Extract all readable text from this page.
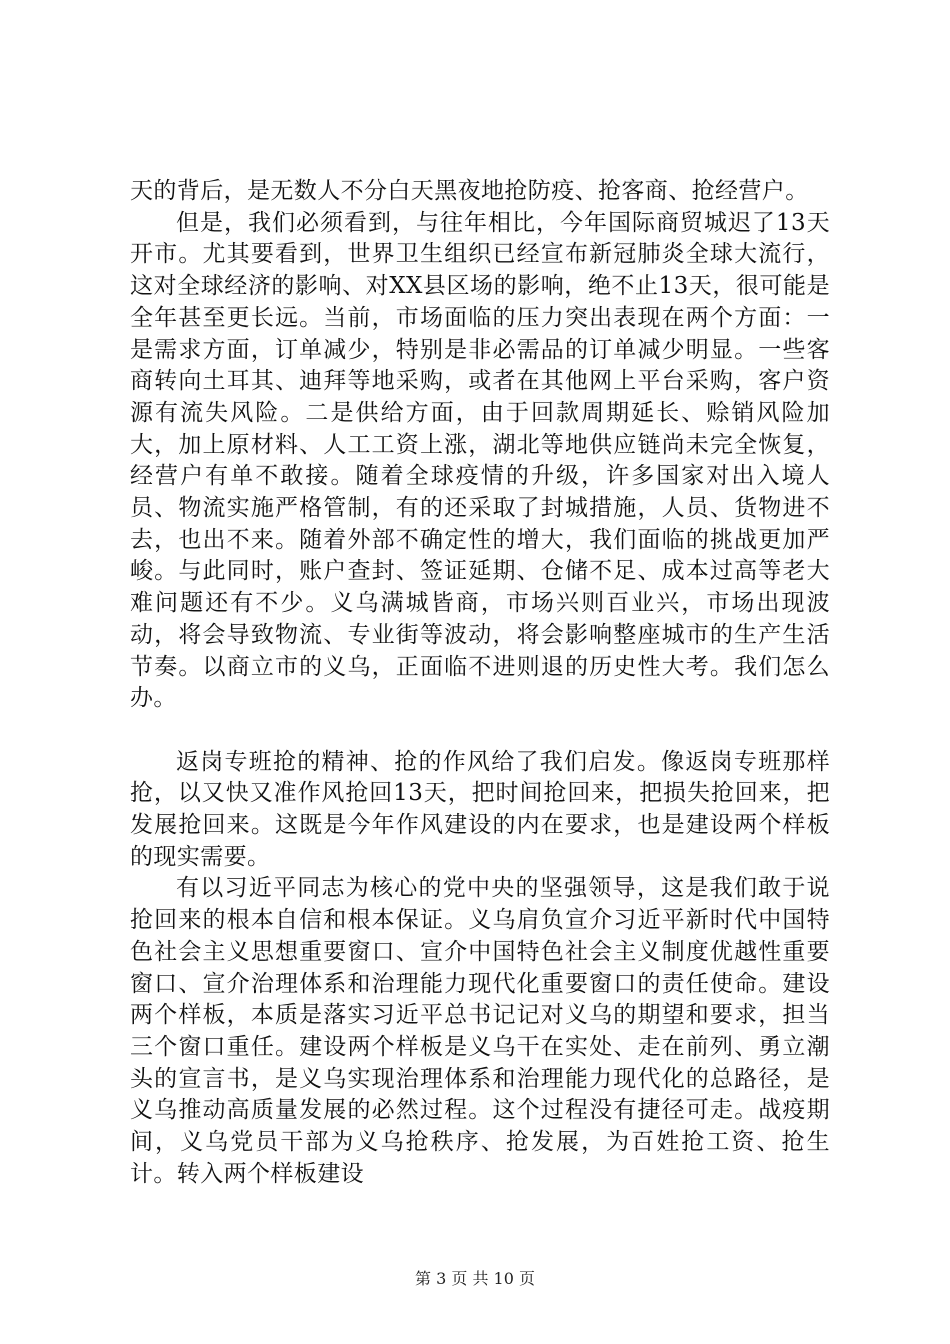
天的背后，是无数人不分白天黑夜地抢防疫、抢客商、抢经营户。

但是，我们必须看到，与往年相比，今年国际商贸城迟了13天开市。尤其要看到，世界卫生组织已经宣布新冠肺炎全球大流行，这对全球经济的影响、对XX县区场的影响，绝不止13天，很可能是全年甚至更长远。当前，市场面临的压力突出表现在两个方面：一是需求方面，订单减少，特别是非必需品的订单减少明显。一些客商转向土耳其、迪拜等地采购，或者在其他网上平台采购，客户资源有流失风险。二是供给方面，由于回款周期延长、赊销风险加大，加上原材料、人工工资上涨，湖北等地供应链尚未完全恢复，经营户有单不敢接。随着全球疫情的升级，许多国家对出入境人员、物流实施严格管制，有的还采取了封城措施，人员、货物进不去，也出不来。随着外部不确定性的增大，我们面临的挑战更加严峻。与此同时，账户查封、签证延期、仓储不足、成本过高等老大难问题还有不少。义乌满城皆商，市场兴则百业兴，市场出现波动，将会导致物流、专业街等波动，将会影响整座城市的生产生活节奏。以商立市的义乌，正面临不进则退的历史性大考。我们怎么办。

返岗专班抢的精神、抢的作风给了我们启发。像返岗专班那样抢，以又快又准作风抢回13天，把时间抢回来，把损失抢回来，把发展抢回来。这既是今年作风建设的内在要求，也是建设两个样板的现实需要。

有以习近平同志为核心的党中央的坚强领导，这是我们敢于说抢回来的根本自信和根本保证。义乌肩负宣介习近平新时代中国特色社会主义思想重要窗口、宣介中国特色社会主义制度优越性重要窗口、宣介治理体系和治理能力现代化重要窗口的责任使命。建设两个样板，本质是落实习近平总书记记对义乌的期望和要求，担当三个窗口重任。建设两个样板是义乌干在实处、走在前列、勇立潮头的宣言书，是义乌实现治理体系和治理能力现代化的总路径，是义乌推动高质量发展的必然过程。这个过程没有捷径可走。战疫期间，义乌党员干部为义乌抢秩序、抢发展，为百姓抢工资、抢生计。转入两个样板建设

第 3 页 共 10 页
